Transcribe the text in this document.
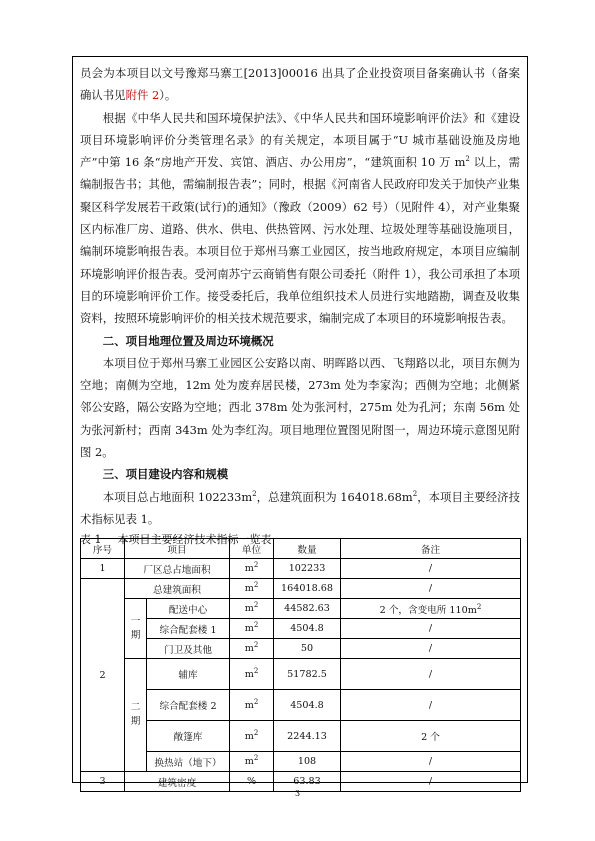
员会为本项目以文号豫郑马寨工[2013]00016 出具了企业投资项目备案确认书（备案确认书见附件 2）。

根据《中华人民共和国环境保护法》、《中华人民共和国环境影响评价法》和《建设项目环境影响评价分类管理名录》的有关规定，本项目属于“U 城市基础设施及房地产”中第 16 条“房地产开发、宾馆、酒店、办公用房”，“建筑面积 10 万 $m^2$ 以上，需编制报告书；其他，需编制报告表”；同时，根据《河南省人民政府印发关于加快产业集聚区科学发展若干政策(试行)的通知》（豫政（2009）62 号）（见附件 4），对产业集聚区内标准厂房、道路、供水、供电、供热管网、污水处理、垃圾处理等基础设施项目，编制环境影响报告表。本项目位于郑州马寨工业园区，按当地政府规定，本项目应编制环境影响评价报告表。受河南苏宁云商销售有限公司委托（附件 1），我公司承担了本项目的环境影响评价工作。接受委托后，我单位组织技术人员进行实地踏勘，调查及收集资料，按照环境影响评价的相关技术规范要求，编制完成了本项目的环境影响报告表。

二、项目地理位置及周边环境概况

本项目位于郑州马寨工业园区公安路以南、明晖路以西、飞翔路以北，项目东侧为空地；南侧为空地，12m 处为废弃居民楼，273m 处为李家沟；西侧为空地；北侧紧邻公安路，隔公安路为空地；西北 378m 处为张河村，275m 处为孔河；东南 56m 处为张河新村；西南 343m 处为李红沟。项目地理位置图见附图一，周边环境示意图见附图 2。

三、项目建设内容和规模

本项目总占地面积 $102233m^2$，总建筑面积为 $164018.68m^2$，本项目主要经济技术指标见表 1。

表 1 本项目主要经济技术指标一览表

序号	项目		单位	数量	备注
1	厂区总占地面积		$m^2$	102233	/
2	总建筑面积		$m^2$	164018.68	/
	一期	配送中心	$m^2$	44582.63	2 个，含变电所 $110m^2$
		综合配套楼 1	$m^2$	4504.8	/
		门卫及其他	$m^2$	50	/
	二期	辅库	$m^2$	51782.5	/
		综合配套楼 2	$m^2$	4504.8	/
		敞篷库	$m^2$	2244.13	2 个
		换热站（地下）	$m^2$	108	/
3	建筑密度		%	63.83	/
3
